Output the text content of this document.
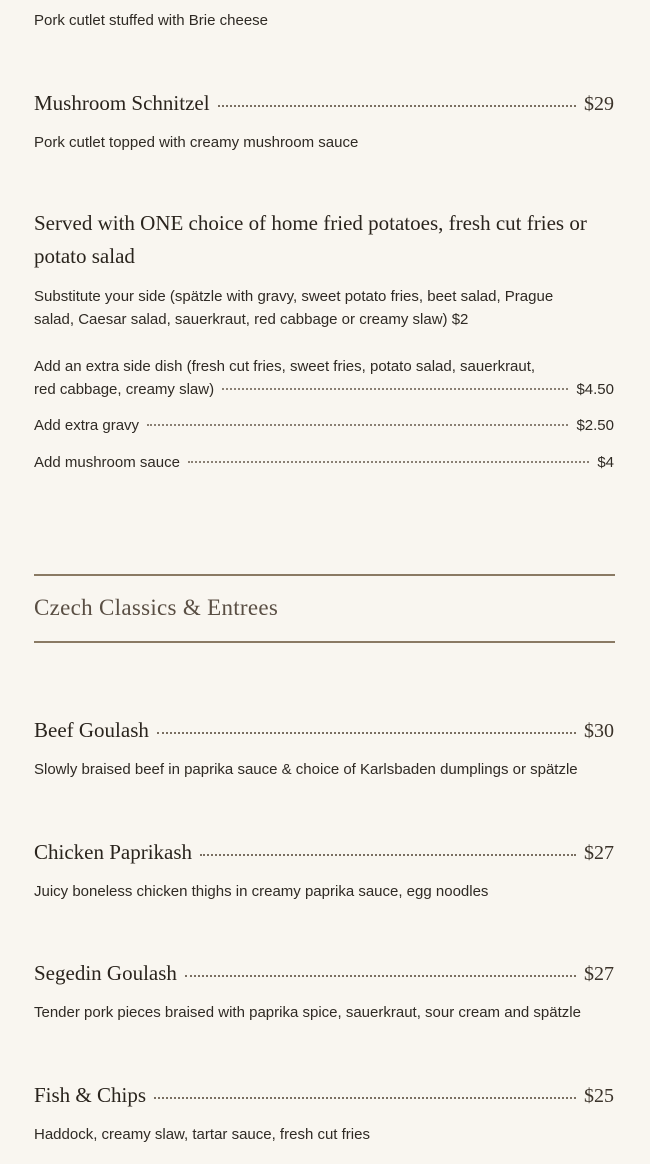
Pork cutlet stuffed with Brie cheese
Mushroom Schnitzel	$29
Pork cutlet topped with creamy mushroom sauce
Served with ONE choice of home fried potatoes, fresh cut fries or potato salad
Substitute your side (spätzle with gravy, sweet potato fries, beet salad, Prague salad, Caesar salad, sauerkraut, red cabbage or creamy slaw) $2
Add an extra side dish (fresh cut fries, sweet fries, potato salad, sauerkraut,
red cabbage, creamy slaw)	$4.50
Add extra gravy	$2.50
Add mushroom sauce	$4
Czech Classics & Entrees
Beef Goulash	$30
Slowly braised beef in paprika sauce & choice of Karlsbaden dumplings or spätzle
Chicken Paprikash	$27
Juicy boneless chicken thighs in creamy paprika sauce, egg noodles
Segedin Goulash	$27
Tender pork pieces braised with paprika spice, sauerkraut, sour cream and spätzle
Fish & Chips	$25
Haddock, creamy slaw, tartar sauce, fresh cut fries
